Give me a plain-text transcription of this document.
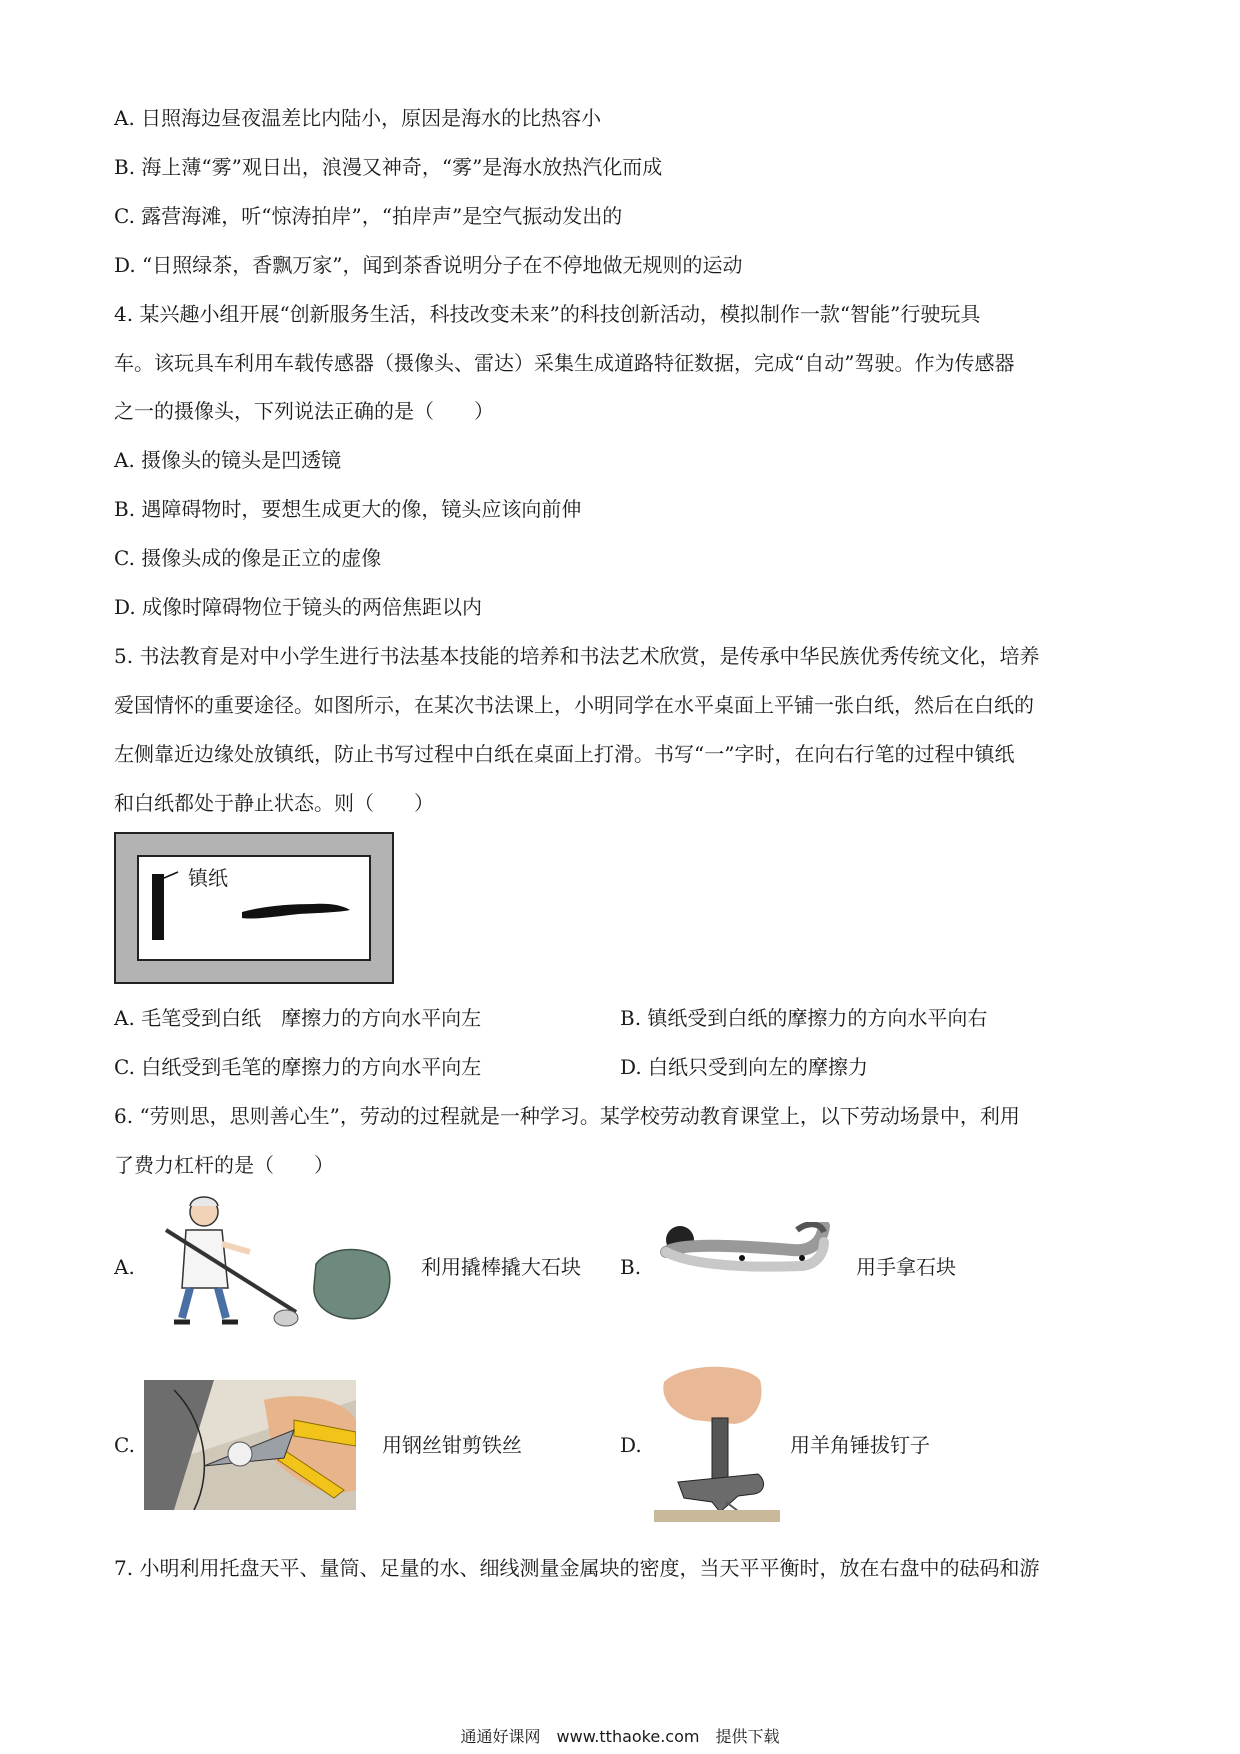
A. 日照海边昼夜温差比内陆小，原因是海水的比热容小
B. 海上薄“雾”观日出，浪漫又神奇，“雾”是海水放热汽化而成
C. 露营海滩，听“惊涛拍岸”，“拍岸声”是空气振动发出的
D. “日照绿茶，香飘万家”，闻到茶香说明分子在不停地做无规则的运动
4. 某兴趣小组开展“创新服务生活，科技改变未来”的科技创新活动，模拟制作一款“智能”行驶玩具
车。该玩具车利用车载传感器（摄像头、雷达）采集生成道路特征数据，完成“自动”驾驶。作为传感器
之一的摄像头，下列说法正确的是（　　）
A. 摄像头的镜头是凹透镜
B. 遇障碍物时，要想生成更大的像，镜头应该向前伸
C. 摄像头成的像是正立的虚像
D. 成像时障碍物位于镜头的两倍焦距以内
5. 书法教育是对中小学生进行书法基本技能的培养和书法艺术欣赏，是传承中华民族优秀传统文化，培养
爱国情怀的重要途径。如图所示，在某次书法课上，小明同学在水平桌面上平铺一张白纸，然后在白纸的
左侧靠近边缘处放镇纸，防止书写过程中白纸在桌面上打滑。书写“一”字时，在向右行笔的过程中镇纸
和白纸都处于静止状态。则（　　）
镇纸
A. 毛笔受到白纸　摩擦力的方向水平向左	B. 镇纸受到白纸的摩擦力的方向水平向右
C. 白纸受到毛笔的摩擦力的方向水平向左	D. 白纸只受到向左的摩擦力
6. “劳则思，思则善心生”，劳动的过程就是一种学习。某学校劳动教育课堂上，以下劳动场景中，利用
了费力杠杆的是（　　）
A.	利用撬棒撬大石块 B.	用手拿石块
C.	用钢丝钳剪铁丝	D.	用羊角锤拔钉子
7. 小明利用托盘天平、量筒、足量的水、细线测量金属块的密度，当天平平衡时，放在右盘中的砝码和游
通通好课网　www.tthaoke.com　提供下载
